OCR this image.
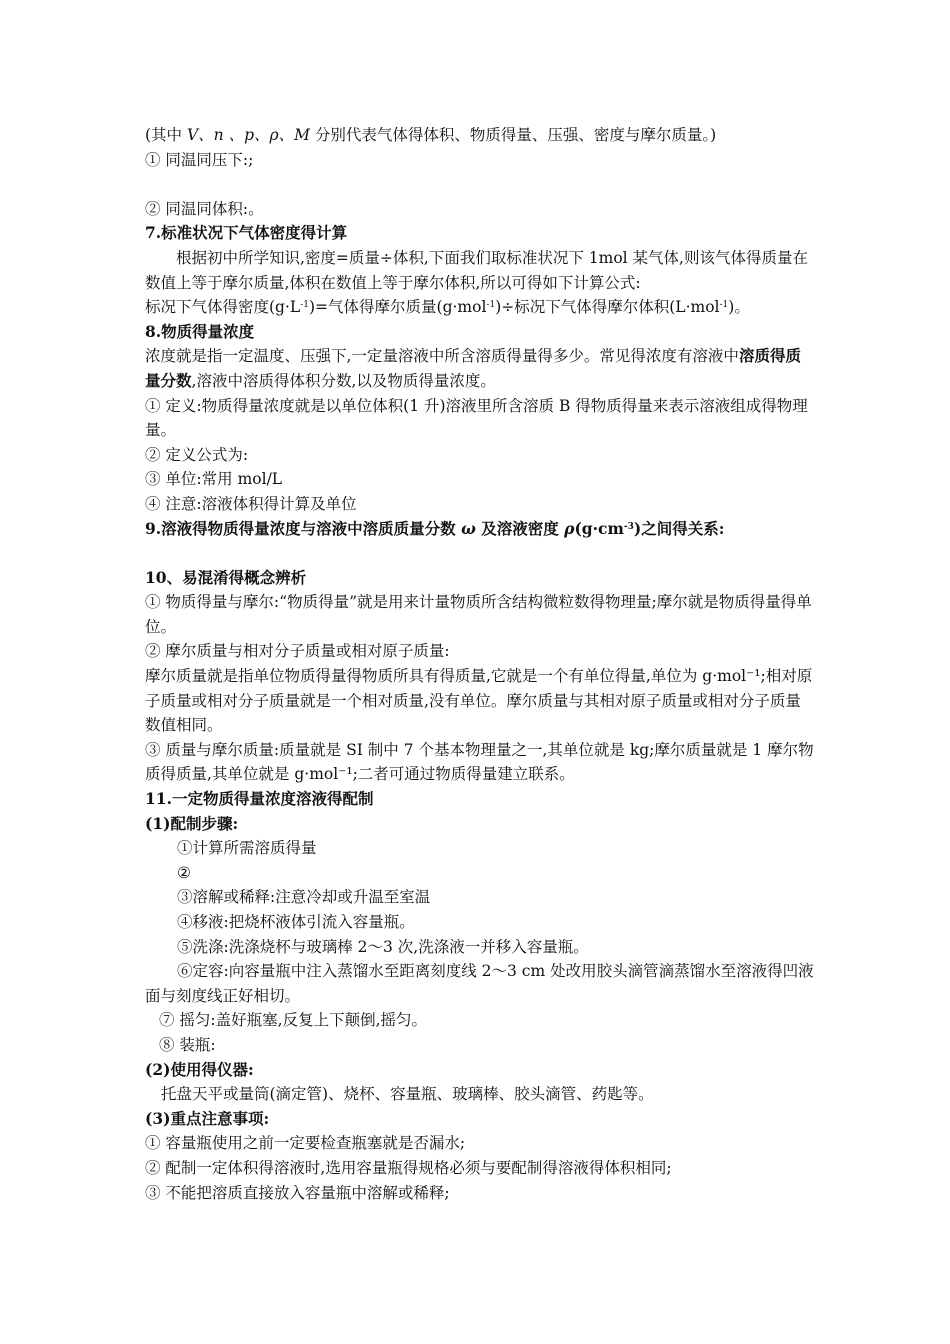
(其中 V、n 、p、ρ、M 分别代表气体得体积、物质得量、压强、密度与摩尔质量。)
① 同温同压下:;
② 同温同体积:。
7.标准状况下气体密度得计算
根据初中所学知识,密度=质量÷体积,下面我们取标准状况下 1mol 某气体,则该气体得质量在数值上等于摩尔质量,体积在数值上等于摩尔体积,所以可得如下计算公式:
标况下气体得密度$(g\cdot L^{-1})=$气体得摩尔质量(g·mol$^{-1}$)÷标况下气体得摩尔体积(L·mol$^{-1}$)。
8.物质得量浓度
浓度就是指一定温度、压强下,一定量溶液中所含溶质得量得多少。常见得浓度有溶液中溶质得质量分数,溶液中溶质得体积分数,以及物质得量浓度。
① 定义:物质得量浓度就是以单位体积(1 升)溶液里所含溶质 B 得物质得量来表示溶液组成得物理量。
② 定义公式为:
③ 单位:常用 mol/L
④ 注意:溶液体积得计算及单位
9.溶液得物质得量浓度与溶液中溶质质量分数 ω 及溶液密度 $\rho(g\cdot cm^{-3})$之间得关系:
10、易混淆得概念辨析
① 物质得量与摩尔:“物质得量”就是用来计量物质所含结构微粒数得物理量;摩尔就是物质得量得单位。
② 摩尔质量与相对分子质量或相对原子质量:
摩尔质量就是指单位物质得量得物质所具有得质量,它就是一个有单位得量,单位为 g·mol⁻¹;相对原子质量或相对分子质量就是一个相对质量,没有单位。摩尔质量与其相对原子质量或相对分子质量数值相同。
③ 质量与摩尔质量:质量就是 SI 制中 7 个基本物理量之一,其单位就是 kg;摩尔质量就是 1 摩尔物质得质量,其单位就是 g·mol⁻¹;二者可通过物质得量建立联系。
11.一定物质得量浓度溶液得配制
(1)配制步骤:
①计算所需溶质得量
②
③溶解或稀释:注意冷却或升温至室温
④移液:把烧杯液体引流入容量瓶。
⑤洗涤:洗涤烧杯与玻璃棒 2～3 次,洗涤液一并移入容量瓶。
⑥定容:向容量瓶中注入蒸馏水至距离刻度线 2～3 cm 处改用胶头滴管滴蒸馏水至溶液得凹液面与刻度线正好相切。
⑦ 摇匀:盖好瓶塞,反复上下颠倒,摇匀。
⑧ 装瓶:
(2)使用得仪器:
托盘天平或量筒(滴定管)、烧杯、容量瓶、玻璃棒、胶头滴管、药匙等。
(3)重点注意事项:
① 容量瓶使用之前一定要检查瓶塞就是否漏水;
② 配制一定体积得溶液时,选用容量瓶得规格必须与要配制得溶液得体积相同;
③ 不能把溶质直接放入容量瓶中溶解或稀释;
